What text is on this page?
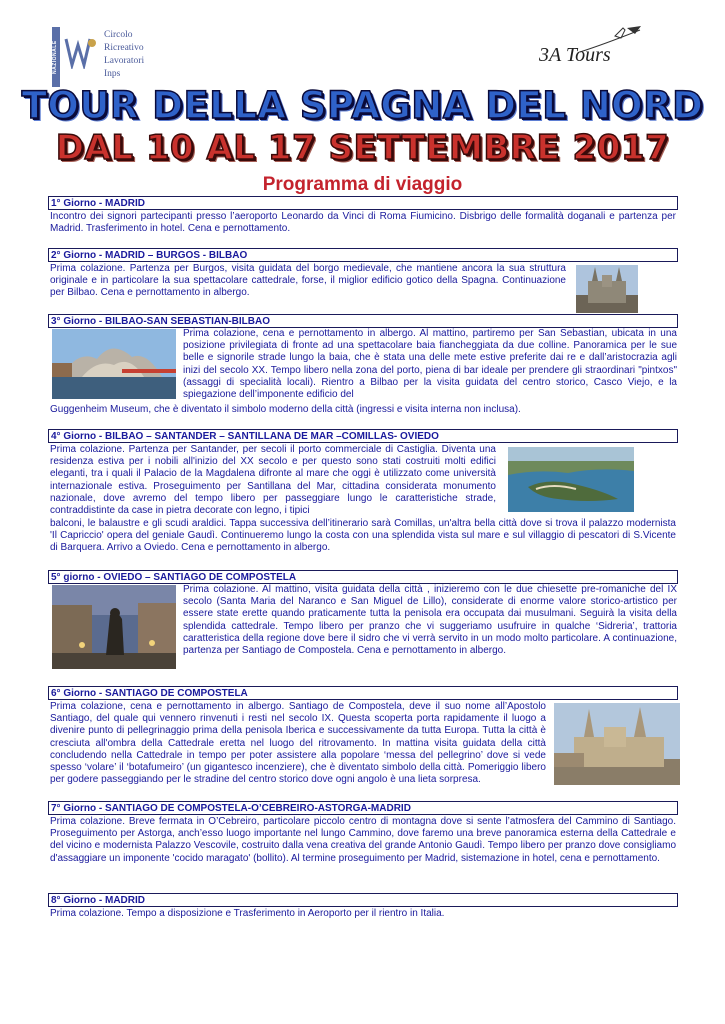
NAZIONALE
Circolo
Ricreativo
Lavoratori
Inps
3A Tours
TOUR DELLA SPAGNA DEL NORD
DAL 10 AL 17 SETTEMBRE 2017
Programma di viaggio
1° Giorno - MADRID
Incontro dei signori partecipanti presso l’aeroporto Leonardo da Vinci di Roma Fiumicino. Disbrigo delle formalità doganali e partenza per Madrid. Trasferimento in hotel. Cena e pernottamento.
2° Giorno - MADRID – BURGOS - BILBAO
Prima colazione. Partenza per Burgos, visita guidata del borgo medievale, che mantiene ancora la sua struttura originale e in particolare la sua spettacolare cattedrale, forse, il miglior edificio gotico della Spagna. Continuazione per Bilbao. Cena e pernottamento in albergo.
3° Giorno - BILBAO-SAN SEBASTIAN-BILBAO
Prima colazione, cena e pernottamento in albergo. Al mattino, partiremo per San Sebastian, ubicata in una posizione privilegiata di fronte ad una spettacolare baia fiancheggiata da due colline. Panoramica per le sue belle e signorile strade lungo la baia, che è stata una delle mete estive preferite dai re e dall’aristocrazia agli inizi del secolo XX. Tempo libero nella zona del porto, piena di bar ideale per prendere gli straordinari "pintxos" (assaggi di specialità locali). Rientro a Bilbao per la visita guidata del centro storico, Casco Viejo, e la spiegazione dell’imponente edificio del
Guggenheim Museum, che è diventato il simbolo moderno della città (ingressi e visita interna non inclusa).
4° Giorno - BILBAO – SANTANDER – SANTILLANA DE MAR –COMILLAS- OVIEDO
Prima colazione. Partenza per Santander, per secoli il porto commerciale di Castiglia. Diventa una residenza estiva per i nobili all'inizio del XX secolo e per questo sono stati costruiti molti edifici eleganti, tra i quali il Palacio de la Magdalena difronte al mare che oggi è utilizzato come università internazionale estiva. Proseguimento per Santillana del Mar, cittadina considerata monumento nazionale, dove avremo del tempo libero per passeggiare lungo le caratteristiche strade, contraddistinte da case in pietra decorate con legno, i tipici
balconi, le balaustre e gli scudi araldici. Tappa successiva dell’itinerario sarà Comillas, un'altra bella città dove si trova il palazzo modernista 'Il Capriccio' opera del geniale Gaudì. Continueremo lungo la costa con una splendida vista sul mare e sul villaggio di pescatori di S.Vicente di Barquera. Arrivo a Oviedo. Cena e pernottamento in albergo.
5° giorno - OVIEDO – SANTIAGO DE COMPOSTELA
Prima colazione. Al mattino, visita guidata della città , inizieremo con le due chiesette pre-romaniche del IX secolo (Santa Maria del Naranco e San Miguel de Lillo), considerate di enorme valore storico-artistico per essere state erette quando praticamente tutta la penisola era occupata dai musulmani. Seguirà la visita della splendida cattedrale. Tempo libero per pranzo che vi suggeriamo usufruire in qualche ‘Sidreria’, trattoria caratteristica della regione dove bere il sidro che vi verrà servito in un modo molto particolare. A continuazione, partenza per Santiago de Compostela. Cena e pernottamento in albergo.
6° Giorno - SANTIAGO DE COMPOSTELA
Prima colazione, cena e pernottamento in albergo. Santiago de Compostela, deve il suo nome all’Apostolo Santiago, del quale qui vennero rinvenuti i resti nel secolo IX. Questa scoperta porta rapidamente il luogo a divenire punto di pellegrinaggio prima della penisola Iberica e successivamente da tutta Europa. Tutta la città è cresciuta all'ombra della Cattedrale eretta nel luogo del ritrovamento. In mattina visita guidata della città concludendo nella Cattedrale in tempo per poter assistere alla popolare ‘messa del pellegrino’ dove si vede spesso ‘volare’ il ‘botafumeiro’ (un gigantesco incenziere), che è diventato simbolo della città. Pomeriggio libero per godere passeggiando per le stradine del centro storico dove ogni angolo è una lieta sorpresa.
7° Giorno - SANTIAGO DE COMPOSTELA-O’CEBREIRO-ASTORGA-MADRID
Prima colazione. Breve fermata in O’Cebreiro, particolare piccolo centro di montagna dove si sente l’atmosfera del Cammino di Santiago. Proseguimento per Astorga, anch’esso luogo importante nel lungo Cammino, dove faremo una breve panoramica esterna della Cattedrale e del vicino e modernista Palazzo Vescovile, costruito dalla vena creativa del grande Antonio Gaudì. Tempo libero per pranzo dove consigliamo d'assaggiare un imponente 'cocido maragato' (bollito). Al termine proseguimento per Madrid, sistemazione in hotel, cena e pernottamento.
8° Giorno - MADRID
Prima colazione. Tempo a disposizione e Trasferimento in Aeroporto per il rientro in Italia.
